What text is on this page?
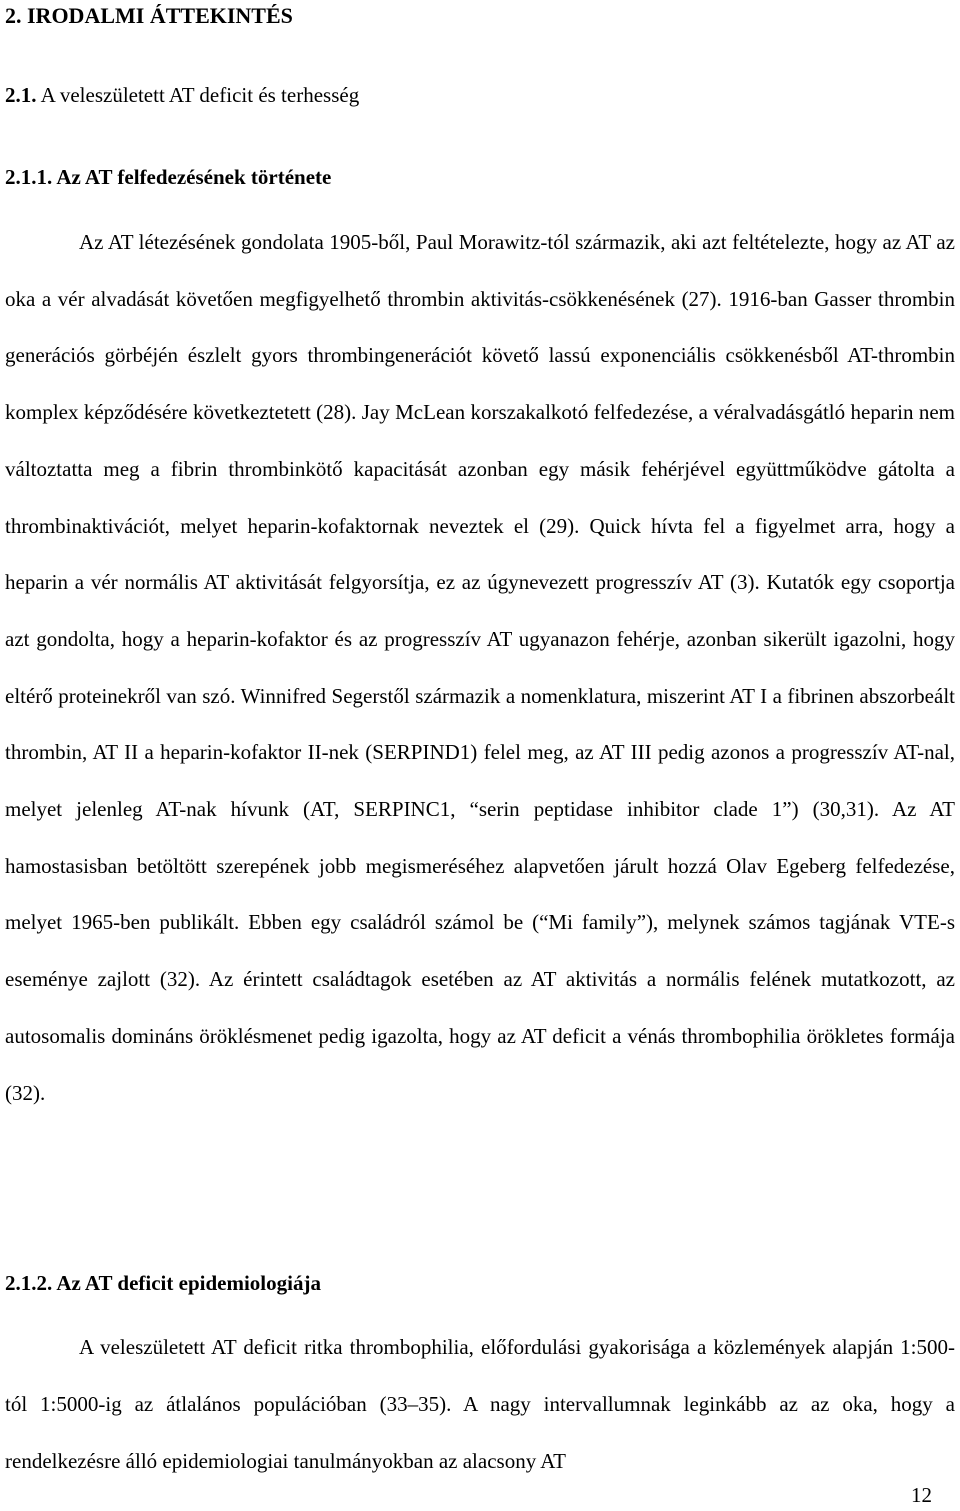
2. IRODALMI ÁTTEKINTÉS
2.1. A veleszületett AT deficit és terhesség
2.1.1. Az AT felfedezésének története

Az AT létezésének gondolata 1905-ből, Paul Morawitz-tól származik, aki azt feltételezte, hogy az AT az oka a vér alvadását követően megfigyelhető thrombin aktivitás-csökkenésének (27). 1916-ban Gasser thrombin generációs görbéjén észlelt gyors thrombingenerációt követő lassú exponenciális csökkenésből AT-thrombin komplex képződésére következtetett (28). Jay McLean korszakalkotó felfedezése, a véralvadásgátló heparin nem változtatta meg a fibrin thrombinkötő kapacitását azonban egy másik fehérjével együttműködve gátolta a thrombinaktivációt, melyet heparin-kofaktornak neveztek el (29). Quick hívta fel a figyelmet arra, hogy a heparin a vér normális AT aktivitását felgyorsítja, ez az úgynevezett progresszív AT (3). Kutatók egy csoportja azt gondolta, hogy a heparin-kofaktor és az progresszív AT ugyanazon fehérje, azonban sikerült igazolni, hogy eltérő proteinekről van szó. Winnifred Segerstől származik a nomenklatura, miszerint AT I a fibrinen abszorbeált thrombin, AT II a heparin-kofaktor II-nek (SERPIND1) felel meg, az AT III pedig azonos a progresszív AT-nal, melyet jelenleg AT-nak hívunk (AT, SERPINC1, “serin peptidase inhibitor clade 1”) (30,31). Az AT hamostasisban betöltött szerepének jobb megismeréséhez alapvetően járult hozzá Olav Egeberg felfedezése, melyet 1965-ben publikált. Ebben egy családról számol be (“Mi family”), melynek számos tagjának VTE-s eseménye zajlott (32). Az érintett családtagok esetében az AT aktivitás a normális felének mutatkozott, az autosomalis domináns öröklésmenet pedig igazolta, hogy az AT deficit a vénás thrombophilia örökletes formája (32).

2.1.2. Az AT deficit epidemiologiája

A veleszületett AT deficit ritka thrombophilia, előfordulási gyakorisága a közlemények alapján 1:500-tól 1:5000-ig az átlalános populációban (33–35). A nagy intervallumnak leginkább az az oka, hogy a rendelkezésre álló epidemiologiai tanulmányokban az alacsony AT

12
